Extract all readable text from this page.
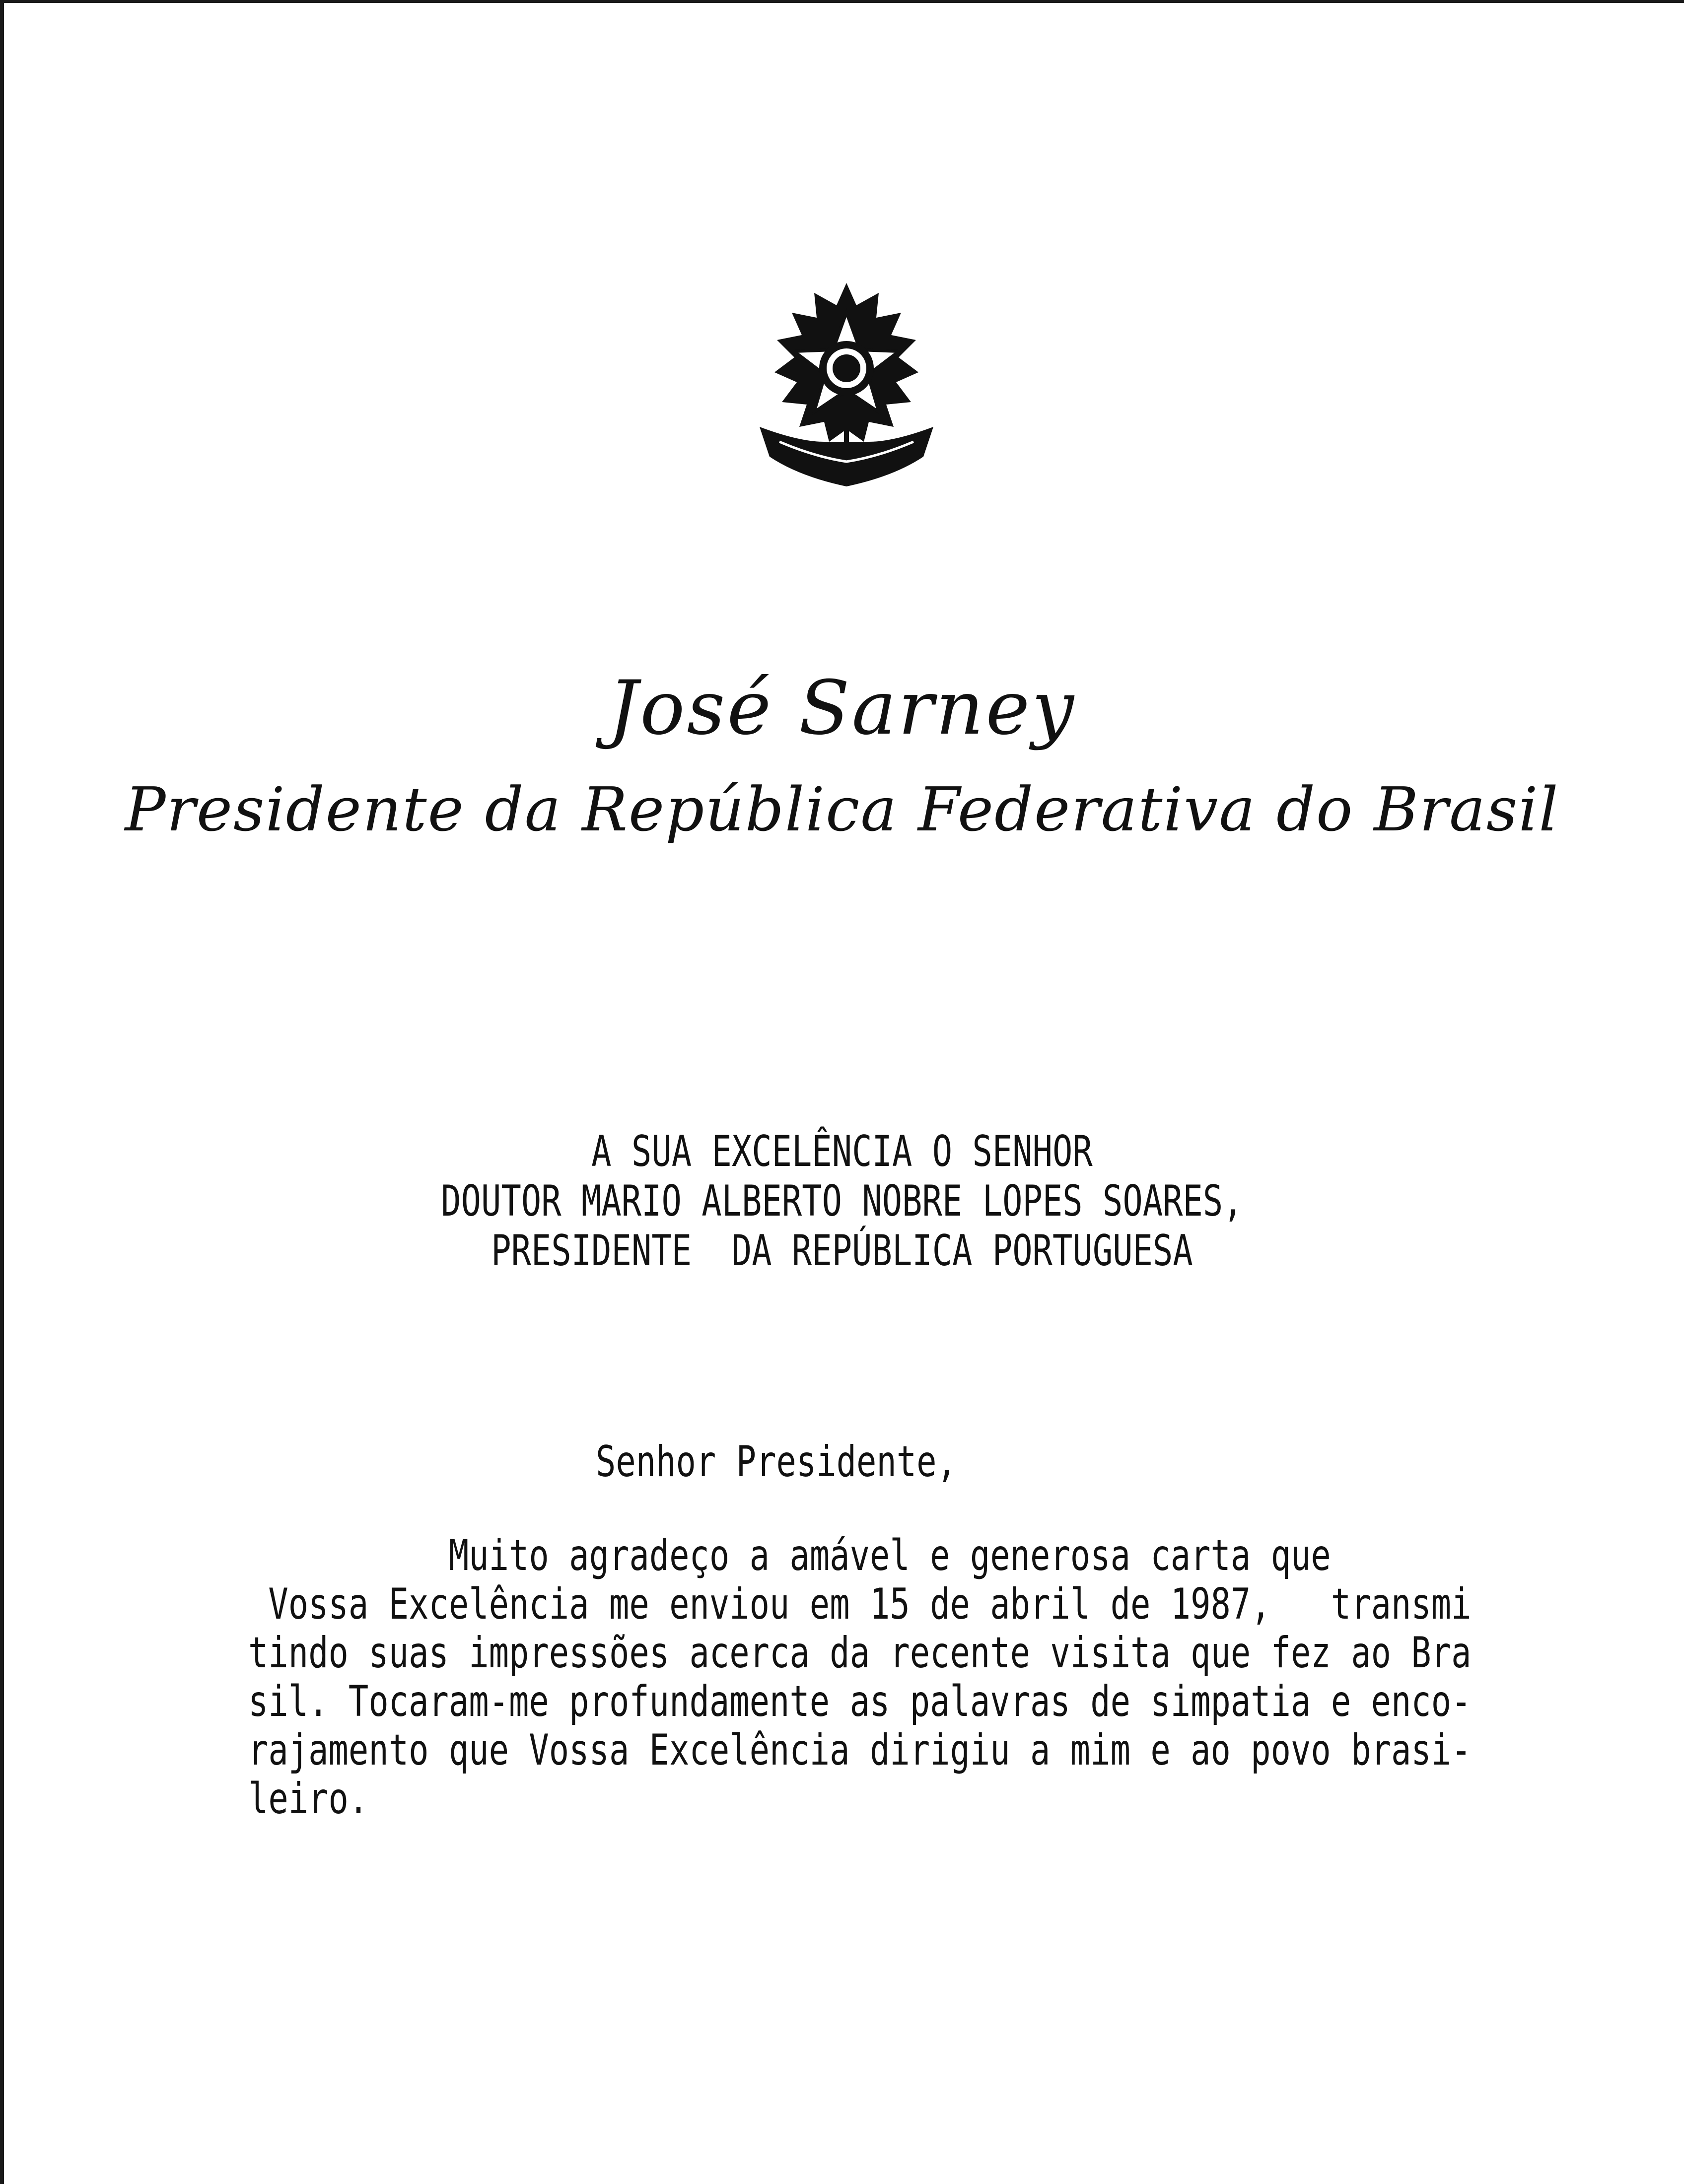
José Sarney
Presidente da República Federativa do Brasil
A SUA EXCELÊNCIA O SENHOR
DOUTOR MARIO ALBERTO NOBRE LOPES SOARES,
PRESIDENTE  DA REPÚBLICA PORTUGUESA
Senhor Presidente,
Muito agradeço a amável e generosa carta que
Vossa Excelência me enviou em 15 de abril de 1987,   transmi
tindo suas impressões acerca da recente visita que fez ao Bra
sil. Tocaram-me profundamente as palavras de simpatia e enco-
rajamento que Vossa Excelência dirigiu a mim e ao povo brasi-
leiro.
